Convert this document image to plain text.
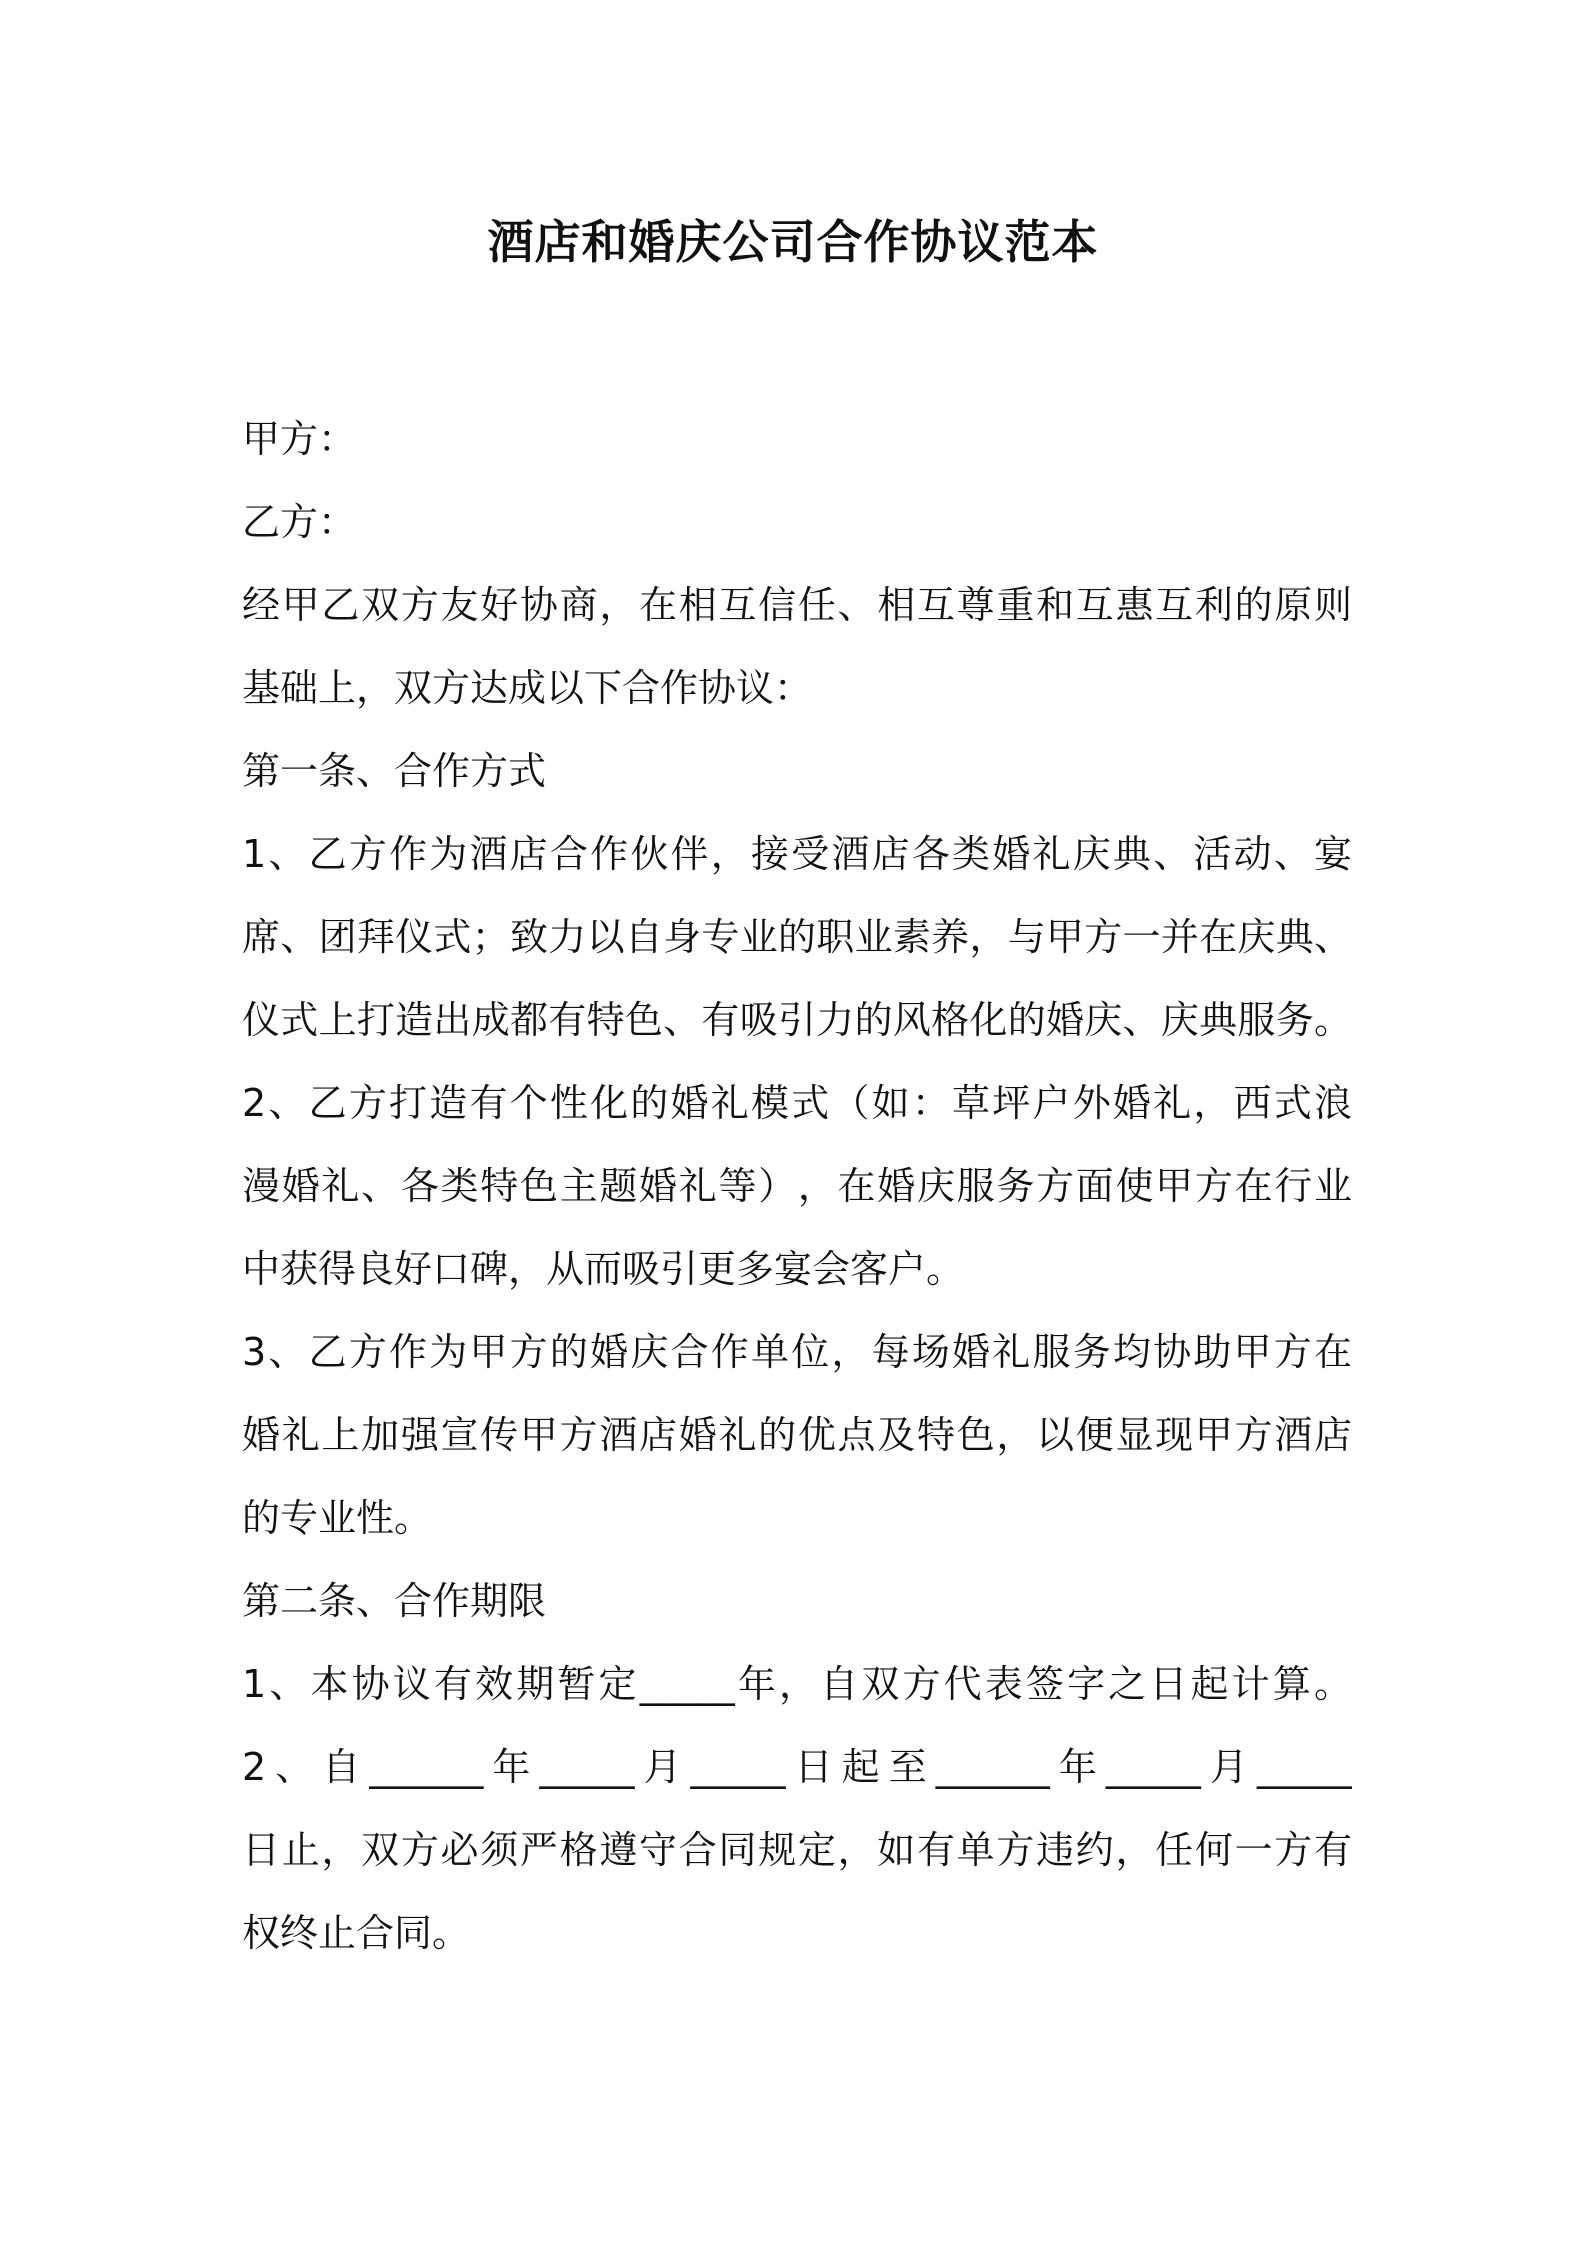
酒店和婚庆公司合作协议范本
甲方：
乙方：
经​甲​乙​双​方​友​好​协​商​，​在​相​互​信​任​、​相​互​尊​重​和​互​惠​互​利​的​原​则
基础上，双方达成以下合作协议：
第一条、合作方式
1​、​乙​方​作​为​酒​店​合​作​伙​伴​，​接​受​酒​店​各​类​婚​礼​庆​典​、​活​动​、​宴
席​、​团​拜​仪​式​；​致​力​以​自​身​专​业​的​职​业​素​养​，​与​甲​方​一​并​在​庆​典​、
仪​式​上​打​造​出​成​都​有​特​色​、​有​吸​引​力​的​风​格​化​的​婚​庆​、​庆​典​服​务​。
2​、​乙​方​打​造​有​个​性​化​的​婚​礼​模​式​（​如​：​草​坪​户​外​婚​礼​，​西​式​浪
漫​婚​礼​、​各​类​特​色​主​题​婚​礼​等​）​，​在​婚​庆​服​务​方​面​使​甲​方​在​行​业
中获得良好口碑，从而吸引更多宴会客户。
3​、​乙​方​作​为​甲​方​的​婚​庆​合​作​单​位​，​每​场​婚​礼​服​务​均​协​助​甲​方​在
婚​礼​上​加​强​宣​传​甲​方​酒​店​婚​礼​的​优​点​及​特​色​，​以​便​显​现​甲​方​酒​店
的专业性。
第二条、合作期限
1​、​本​协​议​有​效​期​暂​定​_​_​_​_​_​年​，​自​双​方​代​表​签​字​之​日​起​计​算​。
2​、​自​_​_​_​_​_​_​年​_​_​_​_​_​月​_​_​_​_​_​日​起​至​_​_​_​_​_​_​年​_​_​_​_​_​月​_​_​_​_​_
日​止​，​双​方​必​须​严​格​遵​守​合​同​规​定​，​如​有​单​方​违​约​，​任​何​一​方​有
权终止合同。
